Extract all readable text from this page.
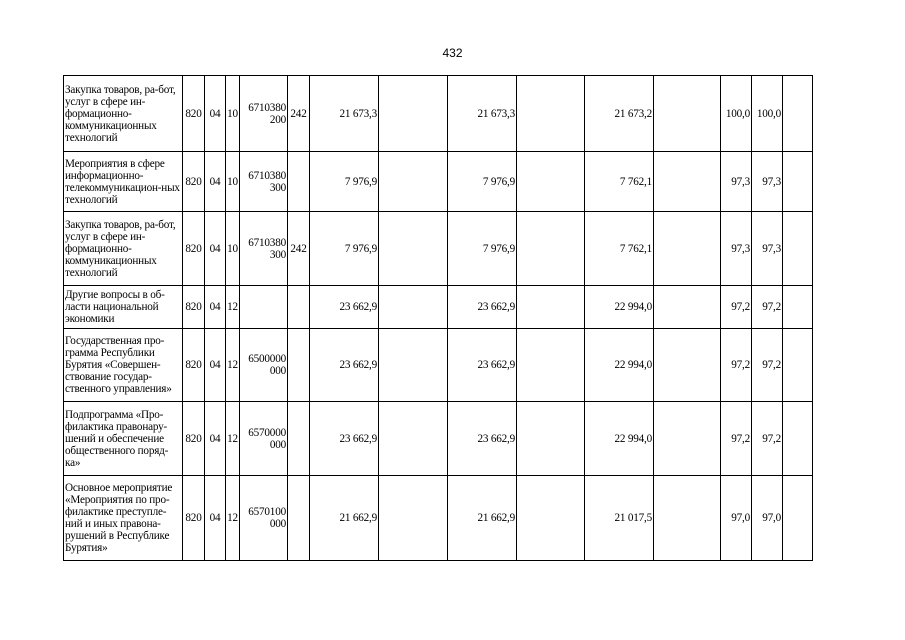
432
Закупка товаров, ра-бот, услуг в сфере ин-формационно-коммуникационных технологий	820	04	10	6710380 200	242	21 673,3		21 673,3		21 673,2		100,0	100,0	
Мероприятия в сфере информационно-телекоммуникацион-ных технологий	820	04	10	6710380 300		7 976,9		7 976,9		7 762,1		97,3	97,3	
Закупка товаров, ра-бот, услуг в сфере ин-формационно-коммуникационных технологий	820	04	10	6710380 300	242	7 976,9		7 976,9		7 762,1		97,3	97,3	
Другие вопросы в об-ласти национальной экономики	820	04	12			23 662,9		23 662,9		22 994,0		97,2	97,2	
Государственная про-грамма Республики Бурятия «Совершен-ствование государ-ственного управления»	820	04	12	6500000 000		23 662,9		23 662,9		22 994,0		97,2	97,2	
Подпрограмма «Про-филактика правонару-шений и обеспечение общественного поряд-ка»	820	04	12	6570000 000		23 662,9		23 662,9		22 994,0		97,2	97,2	
Основное мероприятие «Мероприятия по про-филактике преступле-ний и иных правона-рушений в Республике Бурятия»	820	04	12	6570100 000		21 662,9		21 662,9		21 017,5		97,0	97,0	
